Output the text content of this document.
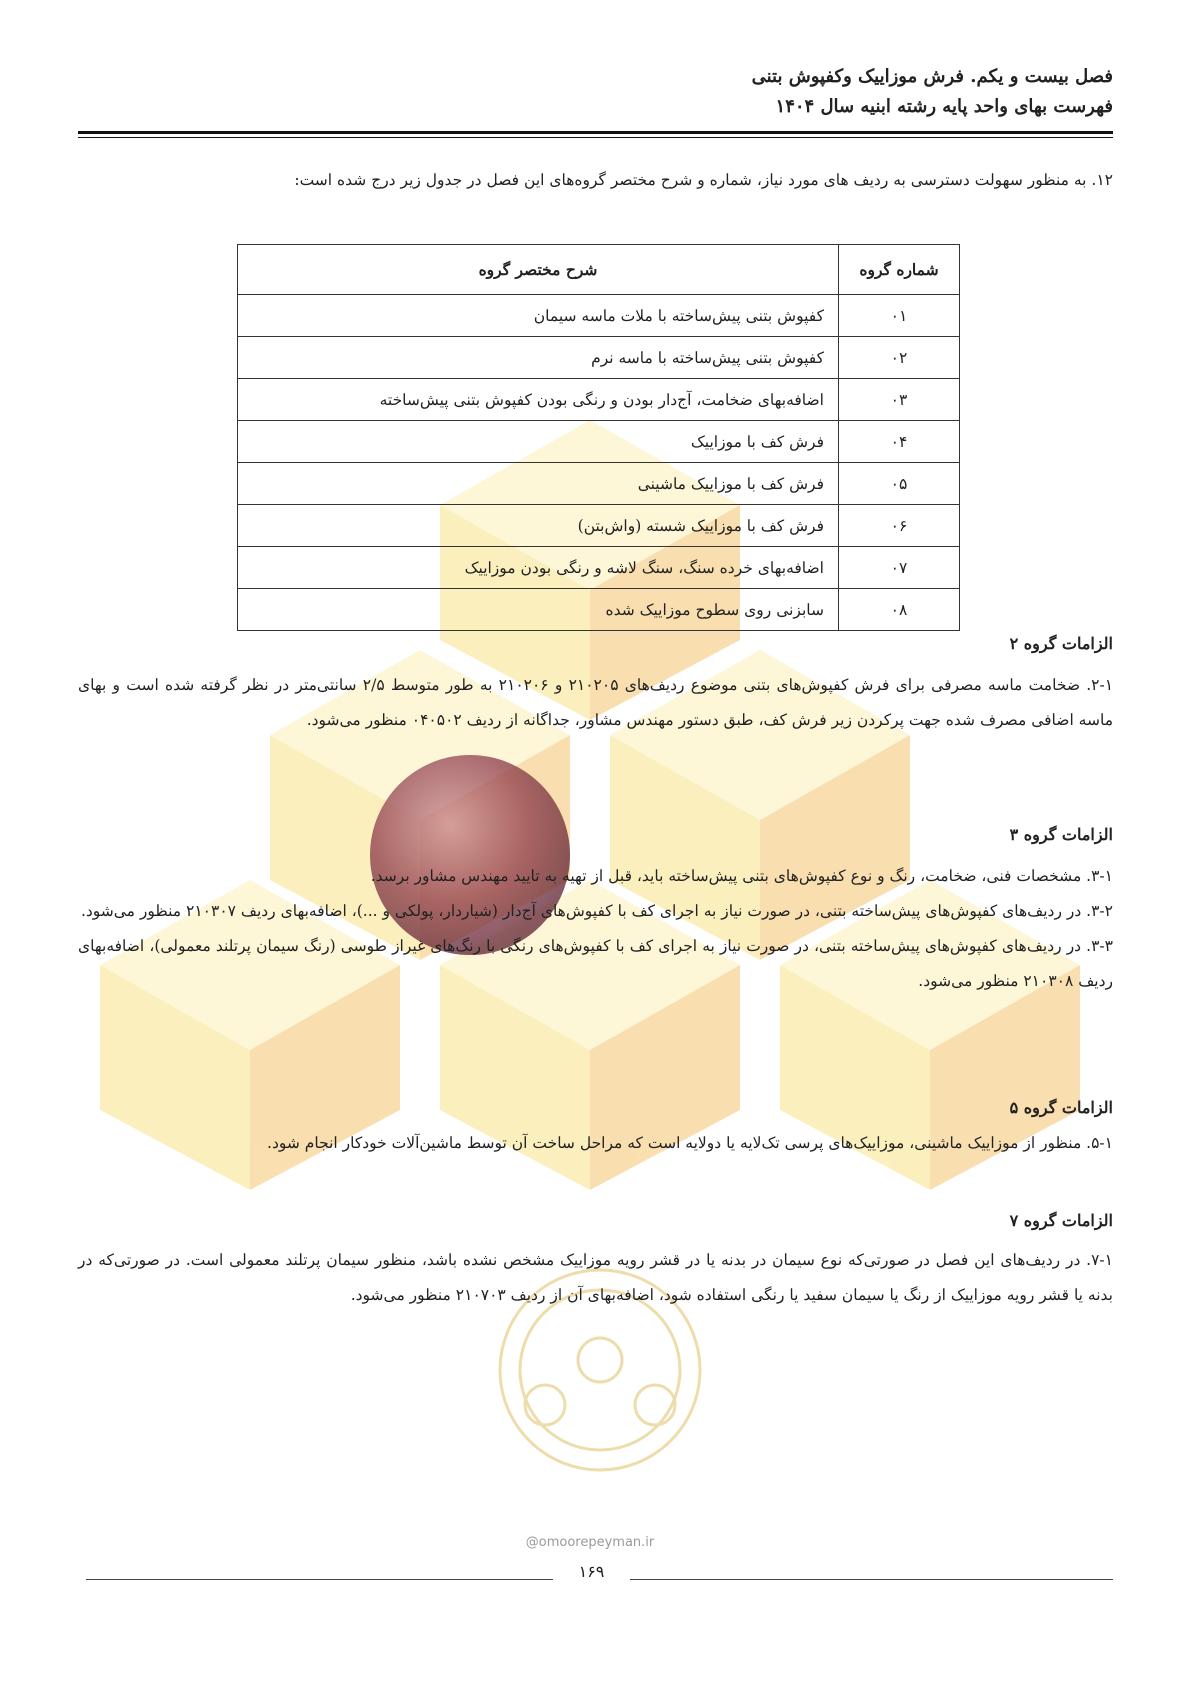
فصل بیست و یکم. فرش موزاییک وکفپوش بتنی
فهرست بهای واحد پایه رشته ابنیه سال ۱۴۰۴
۱۲. به منظور سهولت دسترسی به ردیف های مورد نیاز، شماره و شرح مختصر گروه‌های این فصل در جدول زیر درج شده است:
شماره گروه	شرح مختصر گروه
۰۱	کفپوش بتنی پیش‌ساخته با ملات ماسه سیمان
۰۲	کفپوش بتنی پیش‌ساخته با ماسه نرم
۰۳	اضافه‌بهای ضخامت، آج‌دار بودن و رنگی بودن کفپوش بتنی پیش‌ساخته
۰۴	فرش کف با موزاییک
۰۵	فرش کف با موزاییک ماشینی
۰۶	فرش کف با موزاییک شسته (واش‌بتن)
۰۷	اضافه‌بهای خرده سنگ، سنگ لاشه و رنگی بودن موزاییک
۰۸	سابزنی روی سطوح موزاییک شده
الزامات گروه ۲
۲-۱. ضخامت ماسه مصرفی برای فرش کفپوش‌های بتنی موضوع ردیف‌های ۲۱۰۲۰۵ و ۲۱۰۲۰۶ به طور متوسط ۲/۵ سانتی‌متر در نظر گرفته شده است و بهای ماسه اضافی مصرف شده جهت پرکردن زیر فرش کف، طبق دستور مهندس مشاور، جداگانه از ردیف ۰۴۰۵۰۲ منظور می‌شود.
الزامات گروه ۳
۳-۱. مشخصات فنی، ضخامت، رنگ و نوع کفپوش‌های بتنی پیش‌ساخته باید، قبل از تهیه به تایید مهندس مشاور برسد.
۳-۲. در ردیف‌های کفپوش‌های پیش‌ساخته بتنی، در صورت نیاز به اجرای کف با کفپوش‌های آج‌دار (شیاردار، پولکی و ...)، اضافه‌بهای ردیف ۲۱۰۳۰۷ منظور می‌شود.
۳-۳. در ردیف‌های کفپوش‌های پیش‌ساخته بتنی، در صورت نیاز به اجرای کف با کفپوش‌های رنگی با رنگ‌های غیراز طوسی (رنگ سیمان پرتلند معمولی)، اضافه‌بهای ردیف ۲۱۰۳۰۸ منظور می‌شود.
الزامات گروه ۵
۵-۱. منظور از موزاییک ماشینی، موزاییک‌های پرسی تک‌لایه یا دولایه است که مراحل ساخت آن توسط ماشین‌آلات خودکار انجام شود.
الزامات گروه ۷
۷-۱. در ردیف‌های این فصل در صورتی‌که نوع سیمان در بدنه یا در قشر رویه موزاییک مشخص نشده باشد، منظور سیمان پرتلند معمولی است. در صورتی‌که در بدنه یا قشر رویه موزاییک از رنگ یا سیمان سفید یا رنگی استفاده شود، اضافه‌بهای آن از ردیف ۲۱۰۷۰۳ منظور می‌شود.
@omoorepeyman.ir
۱۶۹
